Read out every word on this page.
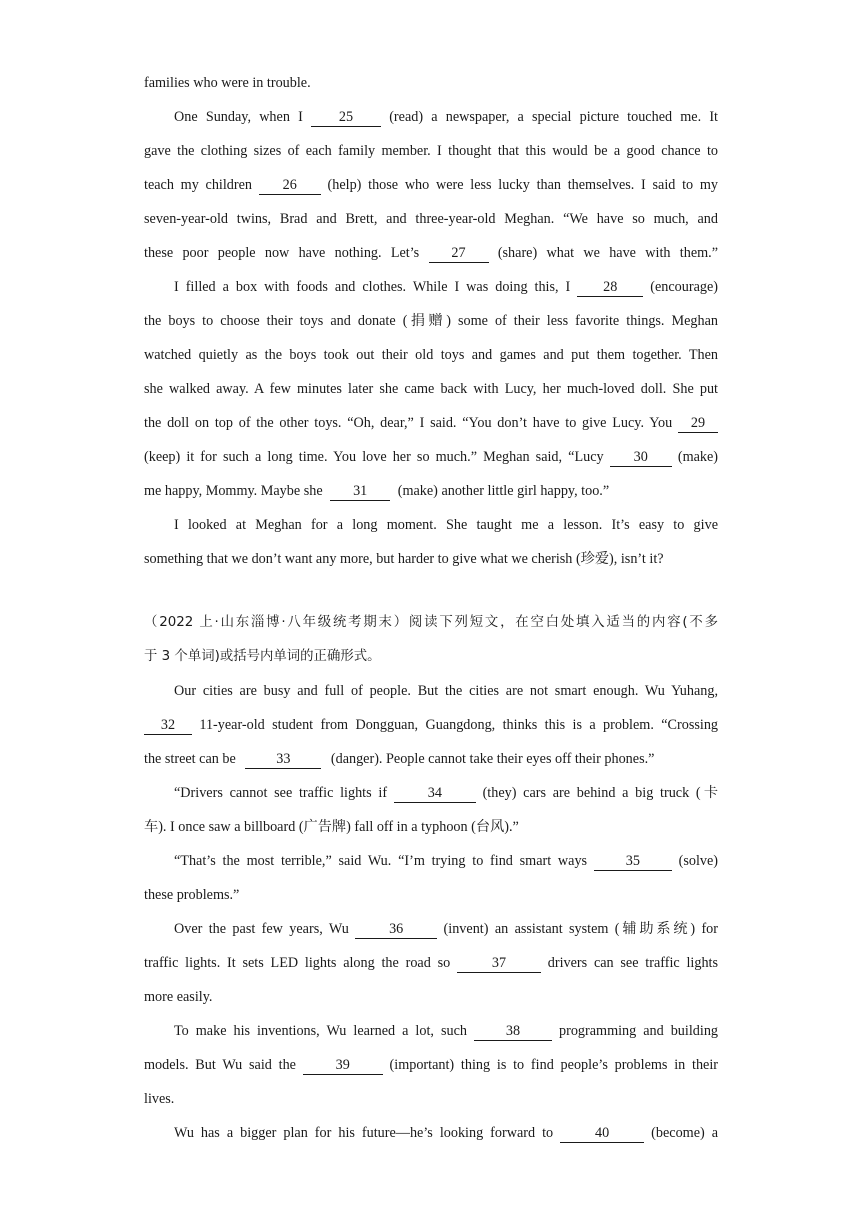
families who were in trouble.
One Sunday, when I	25	(read) a newspaper, a special picture touched me. It
gave the clothing sizes of each family member. I thought that this would be a good chance to
teach my children 26 (help) those who were less lucky than themselves. I said to my
seven-year-old twins, Brad and Brett, and three-year-old Meghan. “We have so much, and
these poor people now have nothing. Let’s 27 (share) what we have with them.”
I filled a box with foods and clothes. While I was doing this, I 28 (encourage)
the boys to choose their toys and donate (捐赠) some of their less favorite things. Meghan
watched quietly as the boys took out their old toys and games and put them together. Then
she walked away. A few minutes later she came back with Lucy, her much-loved doll. She put
the doll on top of the other toys. “Oh, dear,” I said. “You don’t have to give Lucy. You 29
(keep) it for such a long time. You love her so much.” Meghan said, “Lucy 30 (make)
me happy, Mommy. Maybe she 31 (make) another little girl happy, too.”
I looked at Meghan for a long moment. She taught me a lesson. It’s easy to give
something that we don’t want any more, but harder to give what we cherish (珍爱), isn’t it?
（2022 上·山东淄博·八年级统考期末）阅读下列短文，在空白处填入适当的内容(不多
于 3 个单词)或括号内单词的正确形式。
Our cities are busy and full of people. But the cities are not smart enough. Wu Yuhang,
32 11-year-old student from Dongguan, Guangdong, thinks this is a problem. “Crossing
the street can be	33	(danger). People cannot take their eyes off their phones.”
“Drivers cannot see traffic lights if	34	(they) cars are behind a big truck (卡
车). I once saw a billboard (广告牌) fall off in a typhoon (台风).”
“That’s the most terrible,” said Wu. “I’m trying to find smart ways	35	(solve)
these problems.”
Over the past few years, Wu	36	(invent) an assistant system (辅助系统) for
traffic lights. It sets LED lights along the road so	37	drivers can see traffic lights
more easily.
To make his inventions, Wu learned a lot, such	38	programming and building
models. But Wu said the	39	(important) thing is to find people’s problems in their
lives.
Wu has a bigger plan for his future—he’s looking forward to	40	(become) a
